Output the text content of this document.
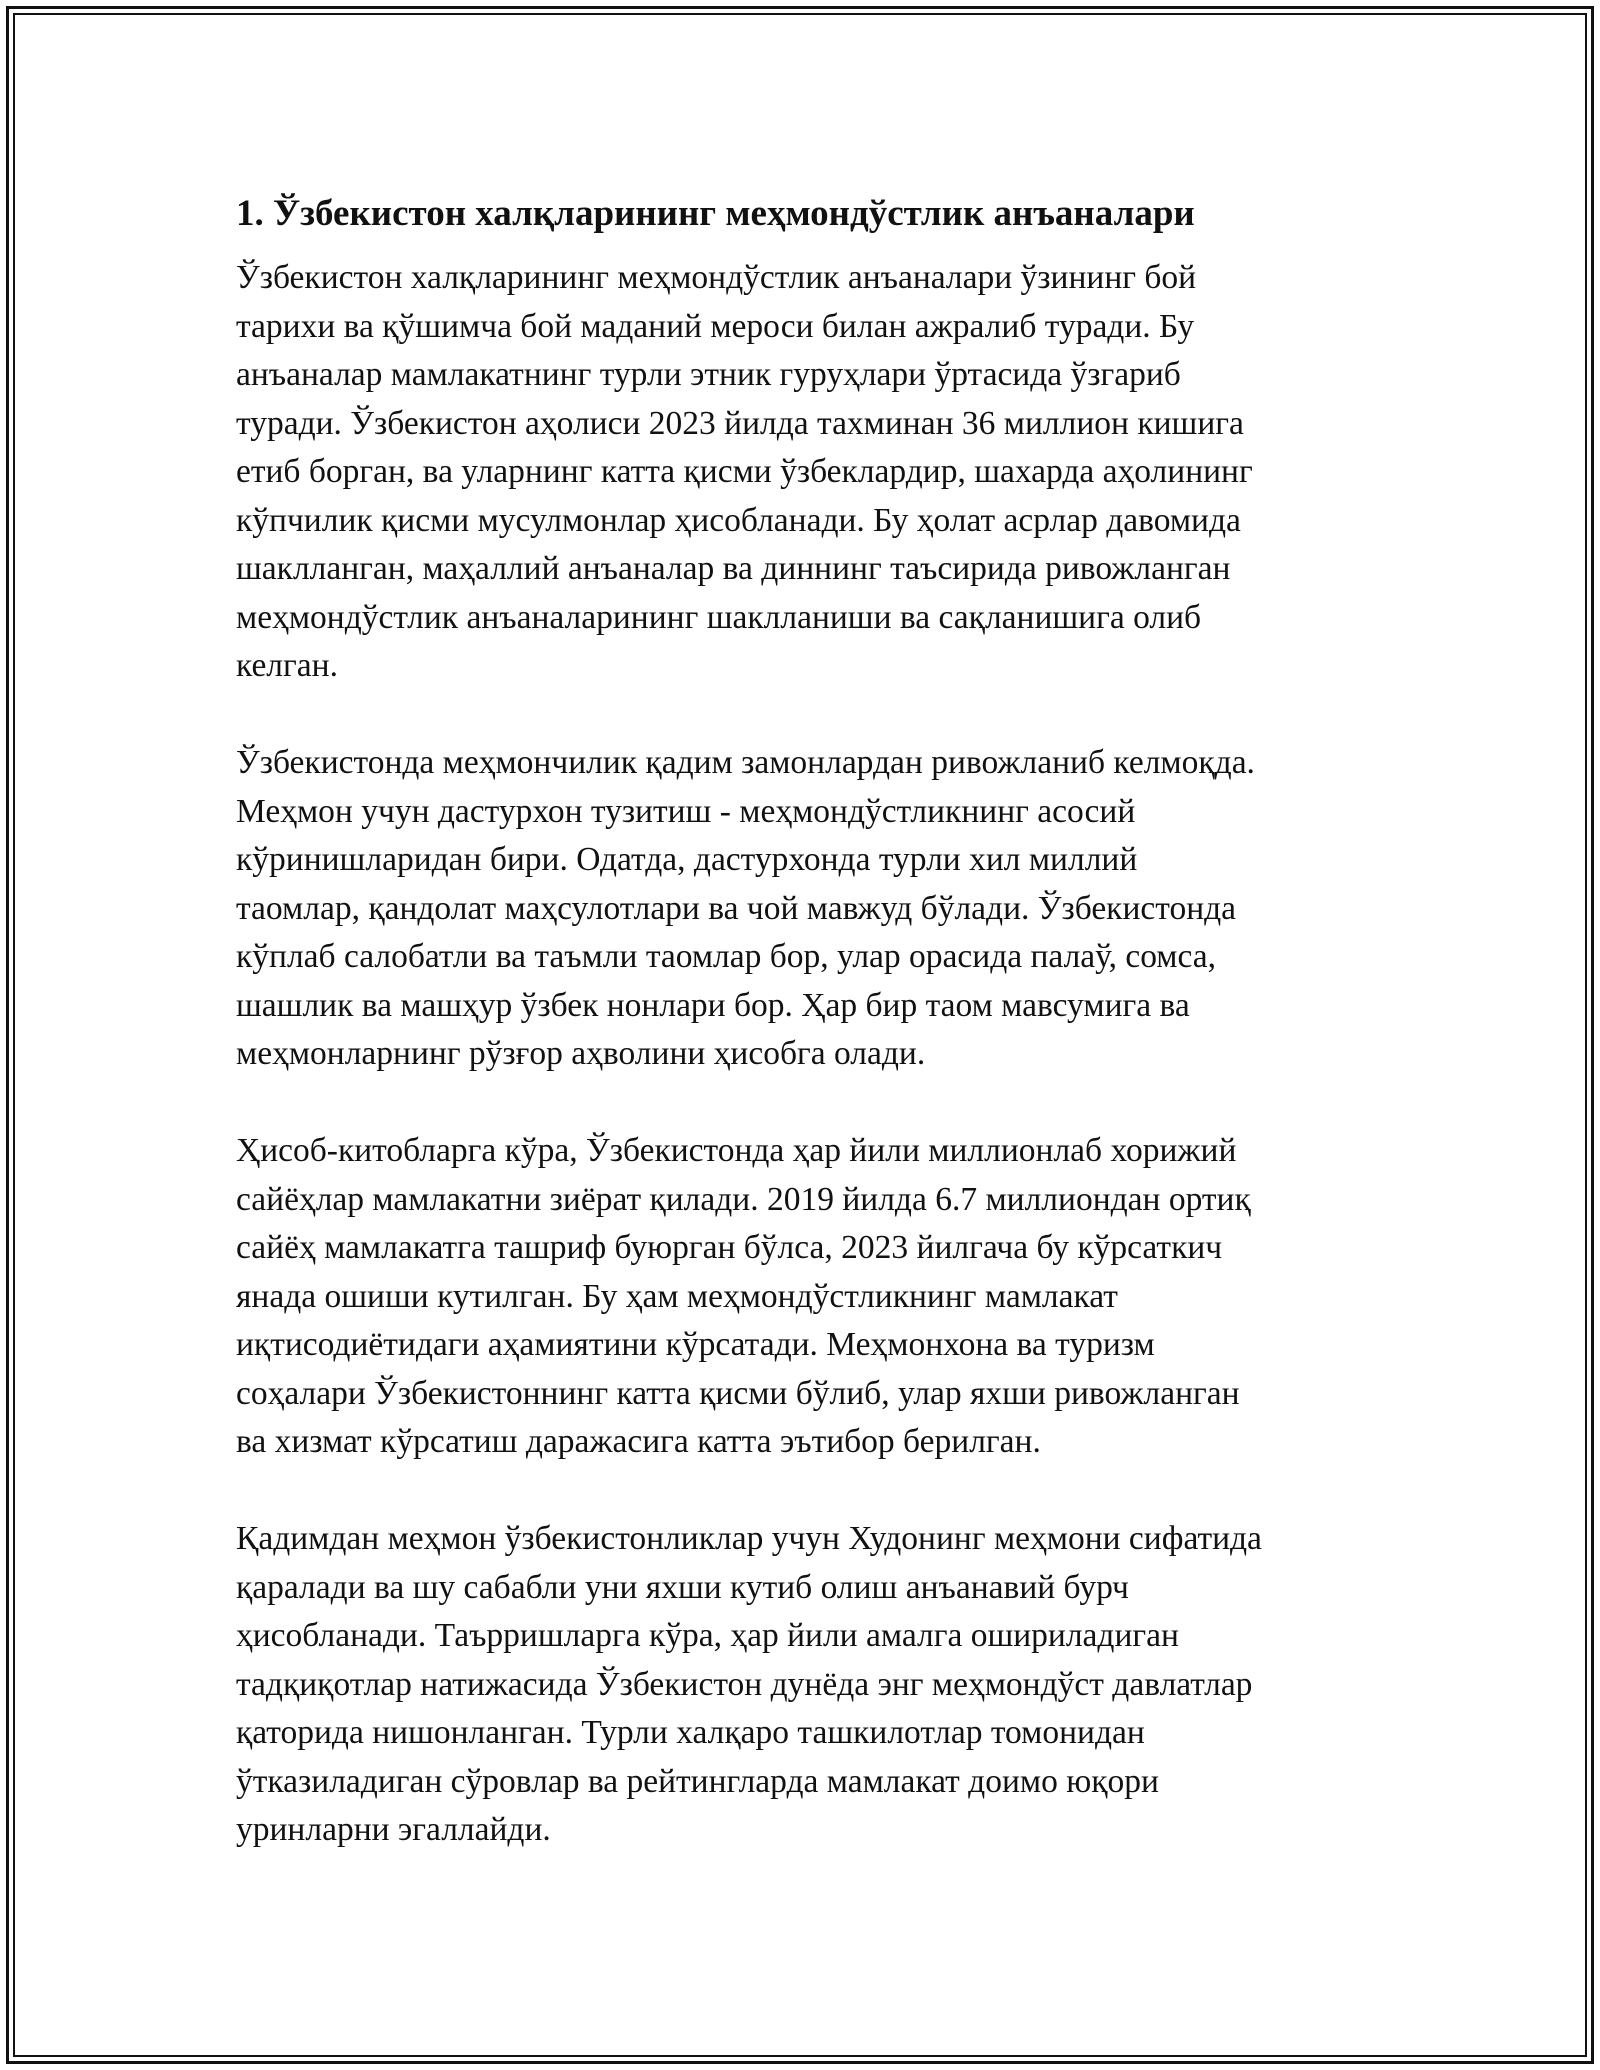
1. Ўзбекистон халқларининг меҳмондўстлик анъаналари

Ўзбекистон халқларининг меҳмондўстлик анъаналари ўзининг бой
тарихи ва қўшимча бой маданий мероси билан ажралиб туради. Бу
анъаналар мамлакатнинг турли этник гуруҳлари ўртасида ўзгариб
туради. Ўзбекистон аҳолиси 2023 йилда тахминан 36 миллион кишига
етиб борган, ва уларнинг катта қисми ўзбеклардир, шахарда аҳолининг
кўпчилик қисми мусулмонлар ҳисобланади. Бу ҳолат асрлар давомида
шаклланган, маҳаллий анъаналар ва диннинг таъсирида ривожланган
меҳмондўстлик анъаналарининг шаклланиши ва сақланишига олиб
келган.

Ўзбекистонда меҳмончилик қадим замонлардан ривожланиб келмоқда.
Меҳмон учун дастурхон тузитиш - меҳмондўстликнинг асосий
кўринишларидан бири. Одатда, дастурхонда турли хил миллий
таомлар, қандолат маҳсулотлари ва чой мавжуд бўлади. Ўзбекистонда
кўплаб салобатли ва таъмли таомлар бор, улар орасида палаў, сомса,
шашлик ва машҳур ўзбек нонлари бор. Ҳар бир таом мавсумига ва
меҳмонларнинг рўзғор аҳволини ҳисобга олади.

Ҳисоб-китобларга кўра, Ўзбекистонда ҳар йили миллионлаб хорижий
сайёҳлар мамлакатни зиёрат қилади. 2019 йилда 6.7 миллиондан ортиқ
сайёҳ мамлакатга ташриф буюрган бўлса, 2023 йилгача бу кўрсаткич
янада ошиши кутилган. Бу ҳам меҳмондўстликнинг мамлакат
иқтисодиётидаги аҳамиятини кўрсатади. Меҳмонхона ва туризм
соҳалари Ўзбекистоннинг катта қисми бўлиб, улар яхши ривожланган
ва хизмат кўрсатиш даражасига катта эътибор берилган.

Қадимдан меҳмон ўзбекистонликлар учун Худонинг меҳмони сифатида
қаралади ва шу сабабли уни яхши кутиб олиш анъанавий бурч
ҳисобланади. Таърришларга кўра, ҳар йили амалга ошириладиган
тадқиқотлар натижасида Ўзбекистон дунёда энг меҳмондўст давлатлар
қаторида нишонланган. Турли халқаро ташкилотлар томонидан
ўтказиладиган сўровлар ва рейтингларда мамлакат доимо юқори
уринларни эгаллайди.
